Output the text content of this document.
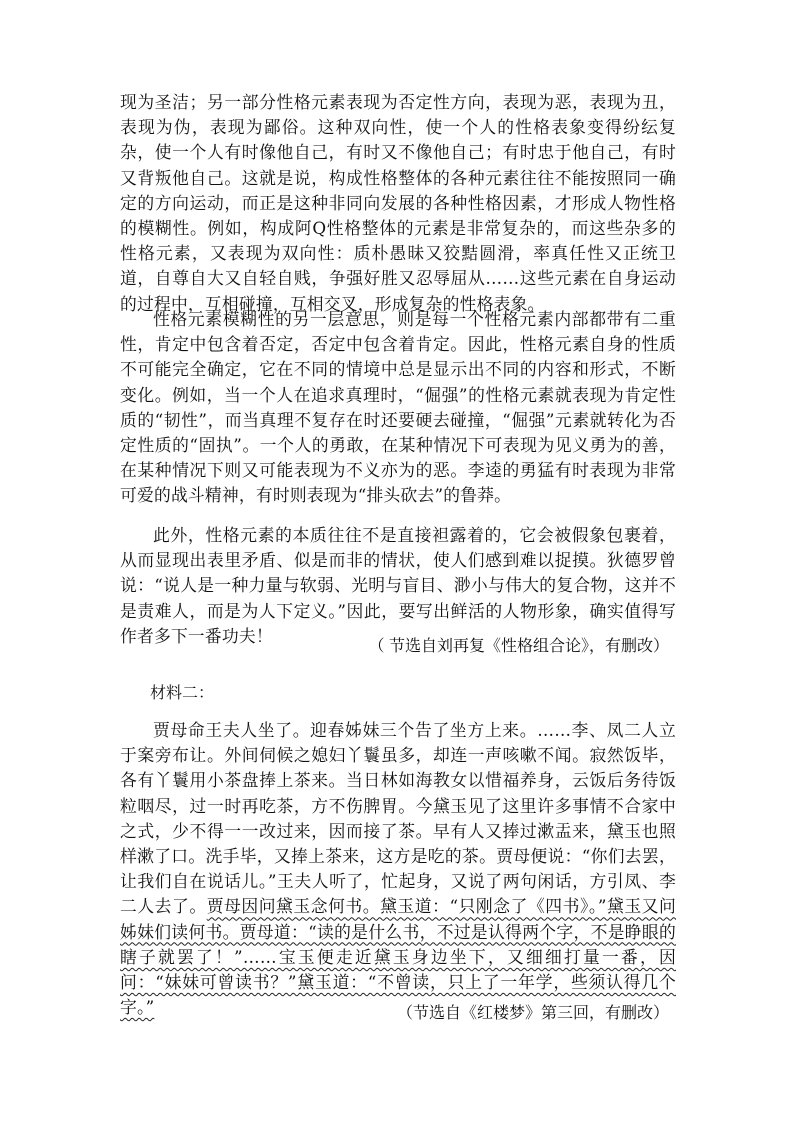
现为圣洁；另一部分性格元素表现为否定性方向，表现为恶，表现为丑，表现为伪，表现为鄙俗。这种双向性，使一个人的性格表象变得纷纭复杂，使一个人有时像他自己，有时又不像他自己；有时忠于他自己，有时又背叛他自己。这就是说，构成性格整体的各种元素往往不能按照同一确定的方向运动，而正是这种非同向发展的各种性格因素，才形成人物性格的模糊性。例如，构成阿Q性格整体的元素是非常复杂的，而这些杂多的性格元素，又表现为双向性：质朴愚昧又狡黠圆滑，率真任性又正统卫道，自尊自大又自轻自贱，争强好胜又忍辱屈从……这些元素在自身运动的过程中，互相碰撞，互相交叉，形成复杂的性格表象。

性格元素模糊性的另一层意思，则是每一个性格元素内部都带有二重性，肯定中包含着否定，否定中包含着肯定。因此，性格元素自身的性质不可能完全确定，它在不同的情境中总是显示出不同的内容和形式，不断变化。例如，当一个人在追求真理时，“倔强”的性格元素就表现为肯定性质的“韧性”，而当真理不复存在时还要硬去碰撞，“倔强”元素就转化为否定性质的“固执”。一个人的勇敢，在某种情况下可表现为见义勇为的善，在某种情况下则又可能表现为不义亦为的恶。李逵的勇猛有时表现为非常可爱的战斗精神，有时则表现为“排头砍去”的鲁莽。

此外，性格元素的本质往往不是直接袒露着的，它会被假象包裹着，从而显现出表里矛盾、似是而非的情状，使人们感到难以捉摸。狄德罗曾说：“说人是一种力量与软弱、光明与盲目、渺小与伟大的复合物，这并不是责难人，而是为人下定义。”因此，要写出鲜活的人物形象，确实值得写作者多下一番功夫！

（ 节选自刘再复《性格组合论》，有删改）
材料二：

贾母命王夫人坐了。迎春姊妹三个告了坐方上来。……李、凤二人立于案旁布让。外间伺候之媳妇丫鬟虽多，却连一声咳嗽不闻。寂然饭毕，各有丫鬟用小茶盘捧上茶来。当日林如海教女以惜福养身，云饭后务待饭粒咽尽，过一时再吃茶，方不伤脾胃。今黛玉见了这里许多事情不合家中之式，少不得一一改过来，因而接了茶。早有人又捧过漱盂来，黛玉也照样漱了口。洗手毕，又捧上茶来，这方是吃的茶。贾母便说：“你们去罢，让我们自在说话儿。”王夫人听了，忙起身，又说了两句闲话，方引凤、李二人去了。贾母因问黛玉念何书。黛玉道：“只刚念了《四书》。”黛玉又问姊妹们读何书。贾母道：“读的是什么书，不过是认得两个字，不是睁眼的瞎子就罢了！”……宝玉便走近黛玉身边坐下，又细细打量一番，因问：“妹妹可曾读书？”黛玉道：“不曾读，只上了一年学，些须认得几个字。”	（节选自《红楼梦》第三回，有删改）
